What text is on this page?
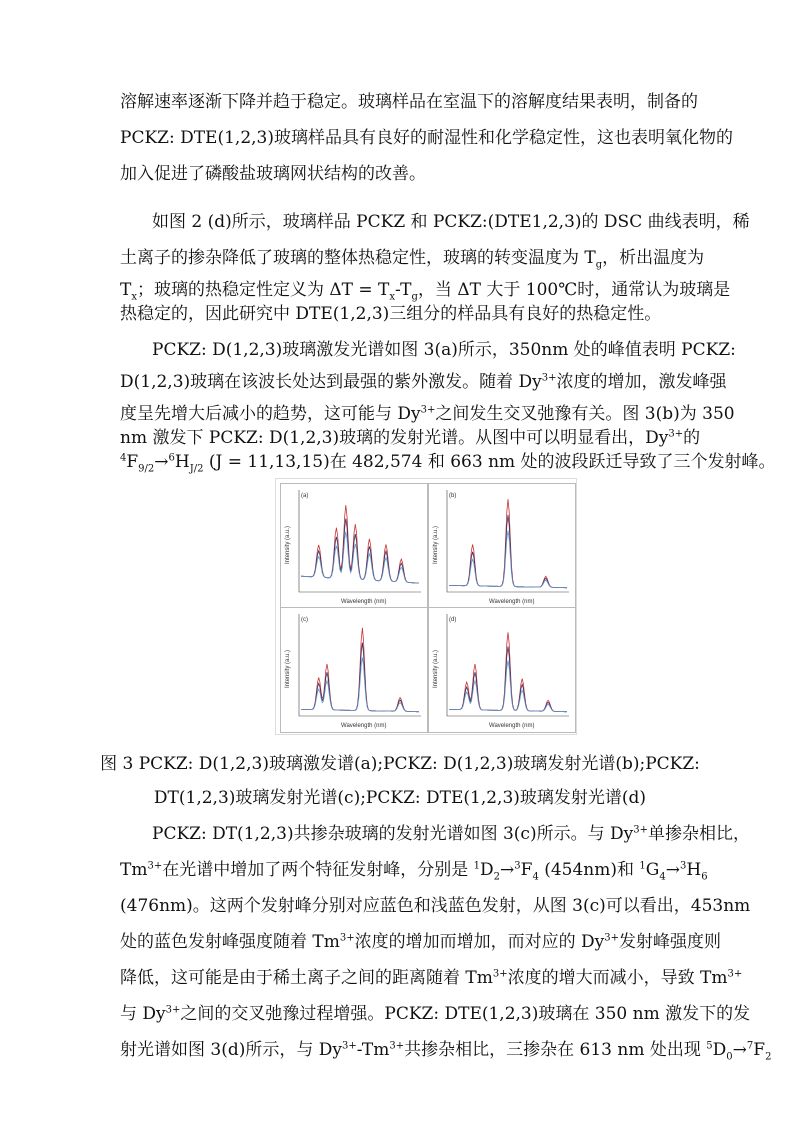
溶解速率逐渐下降并趋于稳定。玻璃样品在室温下的溶解度结果表明，制备的
PCKZ: DTE(1,2,3)玻璃样品具有良好的耐湿性和化学稳定性，这也表明氧化物的
加入促进了磷酸盐玻璃网状结构的改善。
如图 2 (d)所示，玻璃样品 PCKZ 和 PCKZ:(DTE1,2,3)的 DSC 曲线表明，稀
土离子的掺杂降低了玻璃的整体热稳定性，玻璃的转变温度为 $T_g$，析出温度为
$T_x$；玻璃的热稳定性定义为 $\Delta T = T_x-T_g$，当 ΔT 大于 100℃时，通常认为玻璃是
热稳定的，因此研究中 DTE(1,2,3)三组分的样品具有良好的热稳定性。
PCKZ: D(1,2,3)玻璃激发光谱如图 3(a)所示，350nm 处的峰值表明 PCKZ:
D(1,2,3)玻璃在该波长处达到最强的紫外激发。随着 $Dy^{3+}$浓度的增加，激发峰强
度呈先增大后减小的趋势，这可能与 $Dy^{3+}$之间发生交叉弛豫有关。图 3(b)为 350
(a)
Wavelength (nm)
Intensity (a.u.)
(b)
Wavelength (nm)
Intensity (a.u.)
(c)
Wavelength (nm)
Intensity (a.u.)
(d)
Wavelength (nm)
Intensity (a.u.)
图 3 PCKZ: D(1,2,3)玻璃激发谱(a);PCKZ: D(1,2,3)玻璃发射光谱(b);PCKZ:
DT(1,2,3)玻璃发射光谱(c);PCKZ: DTE(1,2,3)玻璃发射光谱(d)
PCKZ: DT(1,2,3)共掺杂玻璃的发射光谱如图 3(c)所示。与 $Dy^{3+}$单掺杂相比，
$Tm^{3+}$在光谱中增加了两个特征发射峰，分别是 $^1D_2\to^3F_4$ (454nm)和 $^1G_4\to^3H_6$
(476nm)。这两个发射峰分别对应蓝色和浅蓝色发射，从图 3(c)可以看出，453nm
处的蓝色发射峰强度随着 $Tm^{3+}$浓度的增加而增加，而对应的 $Dy^{3+}$发射峰强度则
降低，这可能是由于稀土离子之间的距离随着 $Tm^{3+}$浓度的增大而减小，导致 $Tm^{3+}$
与 $Dy^{3+}$之间的交叉弛豫过程增强。PCKZ: DTE(1,2,3)玻璃在 350 nm 激发下的发
射光谱如图 3(d)所示，与 $Dy^{3+}-Tm^{3+}$共掺杂相比，三掺杂在 613 nm 处出现 $^5D_0\to^7F_2$
nm 激发下 PCKZ: D(1,2,3)玻璃的发射光谱。从图中可以明显看出，$Dy^{3+}$的
$^4F_{9/2}\to^6H_{J/2}$ (J = 11,13,15)在 482,574 和 663 nm 处的波段跃迁导致了三个发射峰。
